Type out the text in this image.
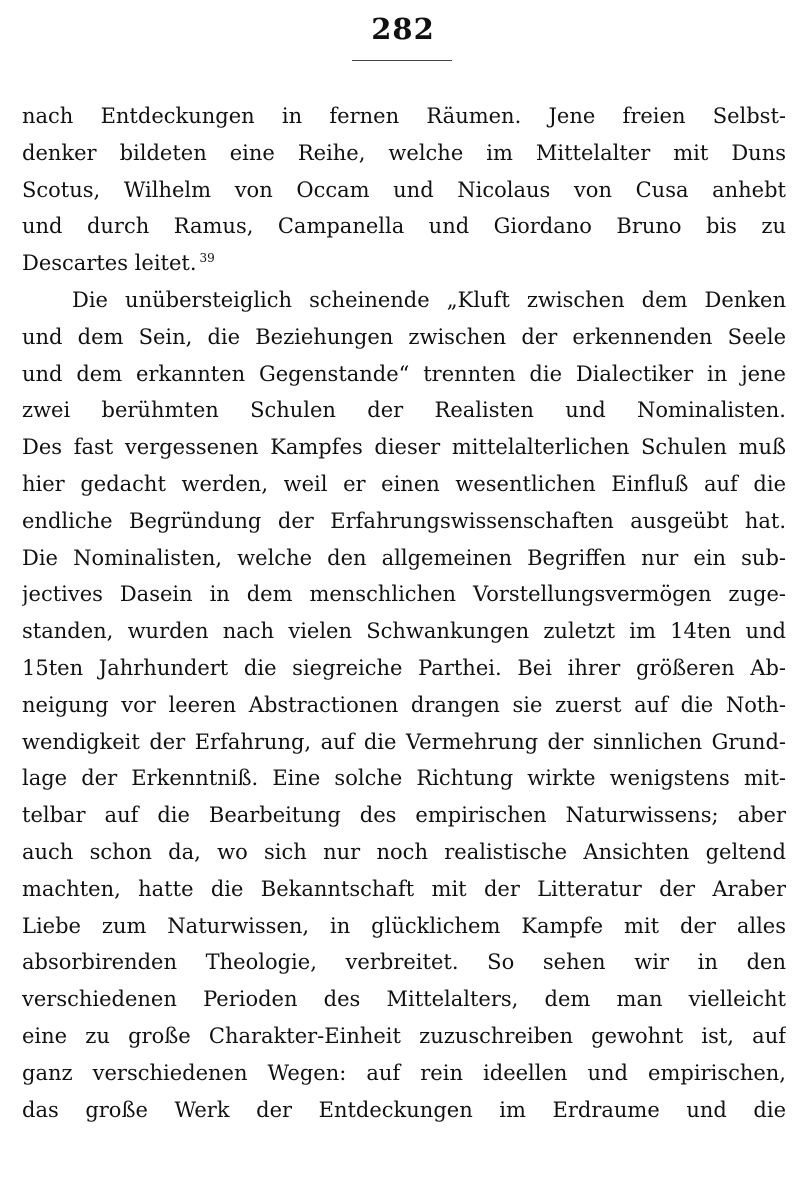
282
nach Entdeckungen in fernen Räumen. Jene freien Selbst-
denker bildeten eine Reihe, welche im Mittelalter mit Duns
Scotus, Wilhelm von Occam und Nicolaus von Cusa anhebt
und durch Ramus, Campanella und Giordano Bruno bis zu
Descartes leitet. $^{39}$
Die unübersteiglich scheinende „Kluft zwischen dem Denken
und dem Sein, die Beziehungen zwischen der erkennenden Seele
und dem erkannten Gegenstande“ trennten die Dialectiker in jene
zwei berühmten Schulen der Realisten und Nominalisten.
Des fast vergessenen Kampfes dieser mittelalterlichen Schulen muß
hier gedacht werden, weil er einen wesentlichen Einfluß auf die
endliche Begründung der Erfahrungswissenschaften ausgeübt hat.
Die Nominalisten, welche den allgemeinen Begriffen nur ein sub-
jectives Dasein in dem menschlichen Vorstellungsvermögen zuge-
standen, wurden nach vielen Schwankungen zuletzt im 14ten und
15ten Jahrhundert die siegreiche Parthei. Bei ihrer größeren Ab-
neigung vor leeren Abstractionen drangen sie zuerst auf die Noth-
wendigkeit der Erfahrung, auf die Vermehrung der sinnlichen Grund-
lage der Erkenntniß. Eine solche Richtung wirkte wenigstens mit-
telbar auf die Bearbeitung des empirischen Naturwissens; aber
auch schon da, wo sich nur noch realistische Ansichten geltend
machten, hatte die Bekanntschaft mit der Litteratur der Araber
Liebe zum Naturwissen, in glücklichem Kampfe mit der alles
absorbirenden Theologie, verbreitet. So sehen wir in den
verschiedenen Perioden des Mittelalters, dem man vielleicht
eine zu große Charakter-Einheit zuzuschreiben gewohnt ist, auf
ganz verschiedenen Wegen: auf rein ideellen und empirischen,
das große Werk der Entdeckungen im Erdraume und die
